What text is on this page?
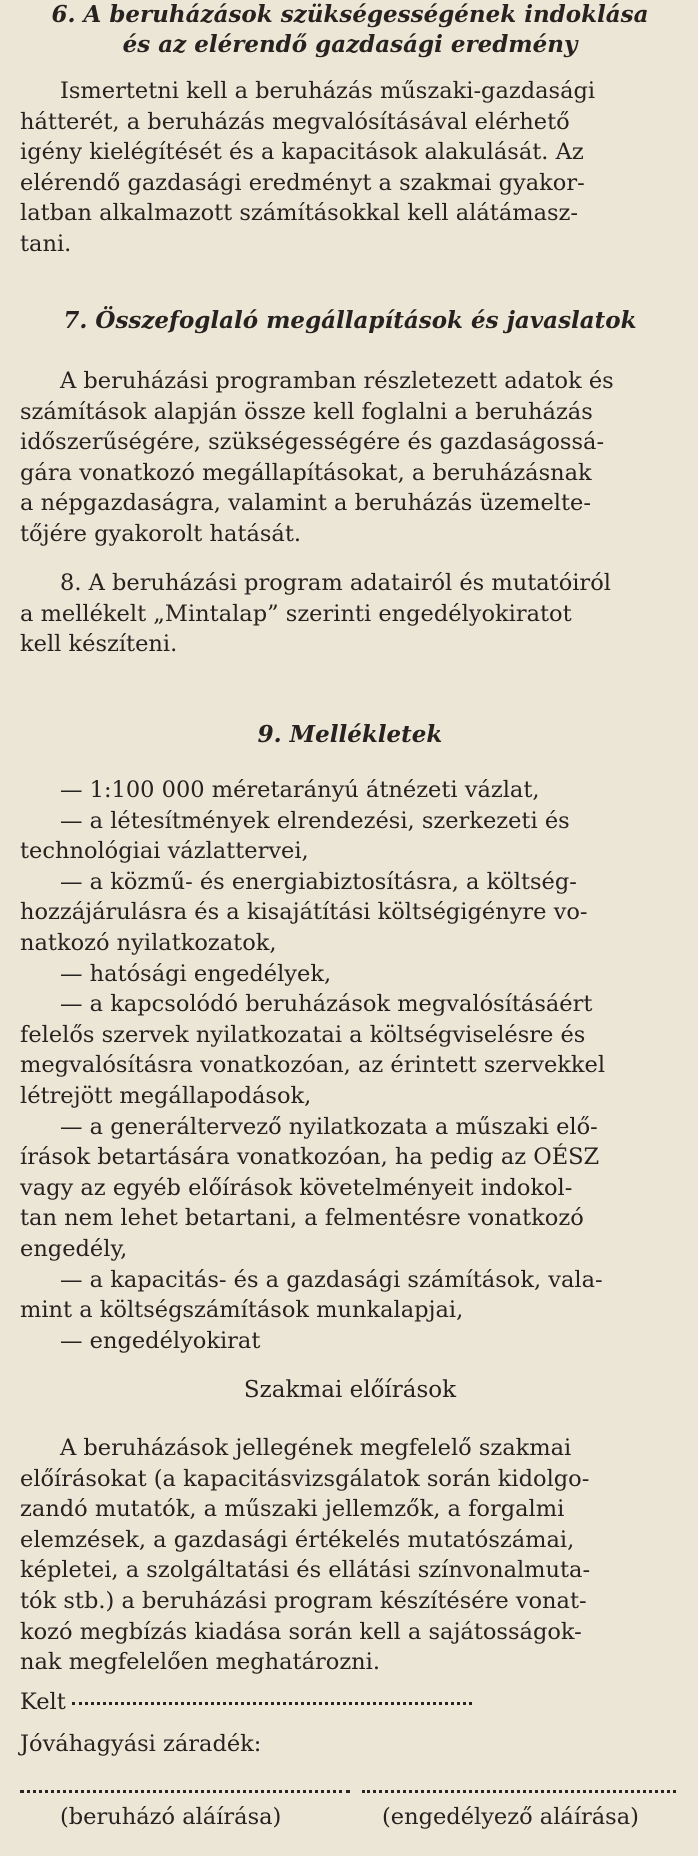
6. A beruházások szükségességének indoklása

és az elérendő gazdasági eredmény

Ismertetni kell a beruházás műszaki-gazdasági

hátterét, a beruházás megvalósításával elérhető

igény kielégítését és a kapacitások alakulását. Az

elérendő gazdasági eredményt a szakmai gyakor-

latban alkalmazott számításokkal kell alátámasz-

tani.

7. Összefoglaló megállapítások és javaslatok

A beruházási programban részletezett adatok és

számítások alapján össze kell foglalni a beruházás

időszerűségére, szükségességére és gazdaságossá-

gára vonatkozó megállapításokat, a beruházásnak

a népgazdaságra, valamint a beruházás üzemelte-

tőjére gyakorolt hatását.

8. A beruházási program adatairól és mutatóiról

a mellékelt „Mintalap” szerinti engedélyokiratot

kell készíteni.

9. Mellékletek

— 1:100 000 méretarányú átnézeti vázlat,

— a létesítmények elrendezési, szerkezeti és

technológiai vázlattervei,

— a közmű- és energiabiztosításra, a költség-

hozzájárulásra és a kisajátítási költségigényre vo-

natkozó nyilatkozatok,

— hatósági engedélyek,

— a kapcsolódó beruházások megvalósításáért

felelős szervek nyilatkozatai a költségviselésre és

megvalósításra vonatkozóan, az érintett szervekkel

létrejött megállapodások,

— a generáltervező nyilatkozata a műszaki elő-

írások betartására vonatkozóan, ha pedig az OÉSZ

vagy az egyéb előírások követelményeit indokol-

tan nem lehet betartani, a felmentésre vonatkozó

engedély,

— a kapacitás- és a gazdasági számítások, vala-

mint a költségszámítások munkalapjai,

— engedélyokirat

Szakmai előírások

A beruházások jellegének megfelelő szakmai

előírásokat (a kapacitásvizsgálatok során kidolgo-

zandó mutatók, a műszaki jellemzők, a forgalmi

elemzések, a gazdasági értékelés mutatószámai,

képletei, a szolgáltatási és ellátási színvonalmuta-

tók stb.) a beruházási program készítésére vonat-

kozó megbízás kiadása során kell a sajátosságok-

nak megfelelően meghatározni.

Kelt

Jóváhagyási záradék:

(beruházó aláírása)	(engedélyező aláírása)
